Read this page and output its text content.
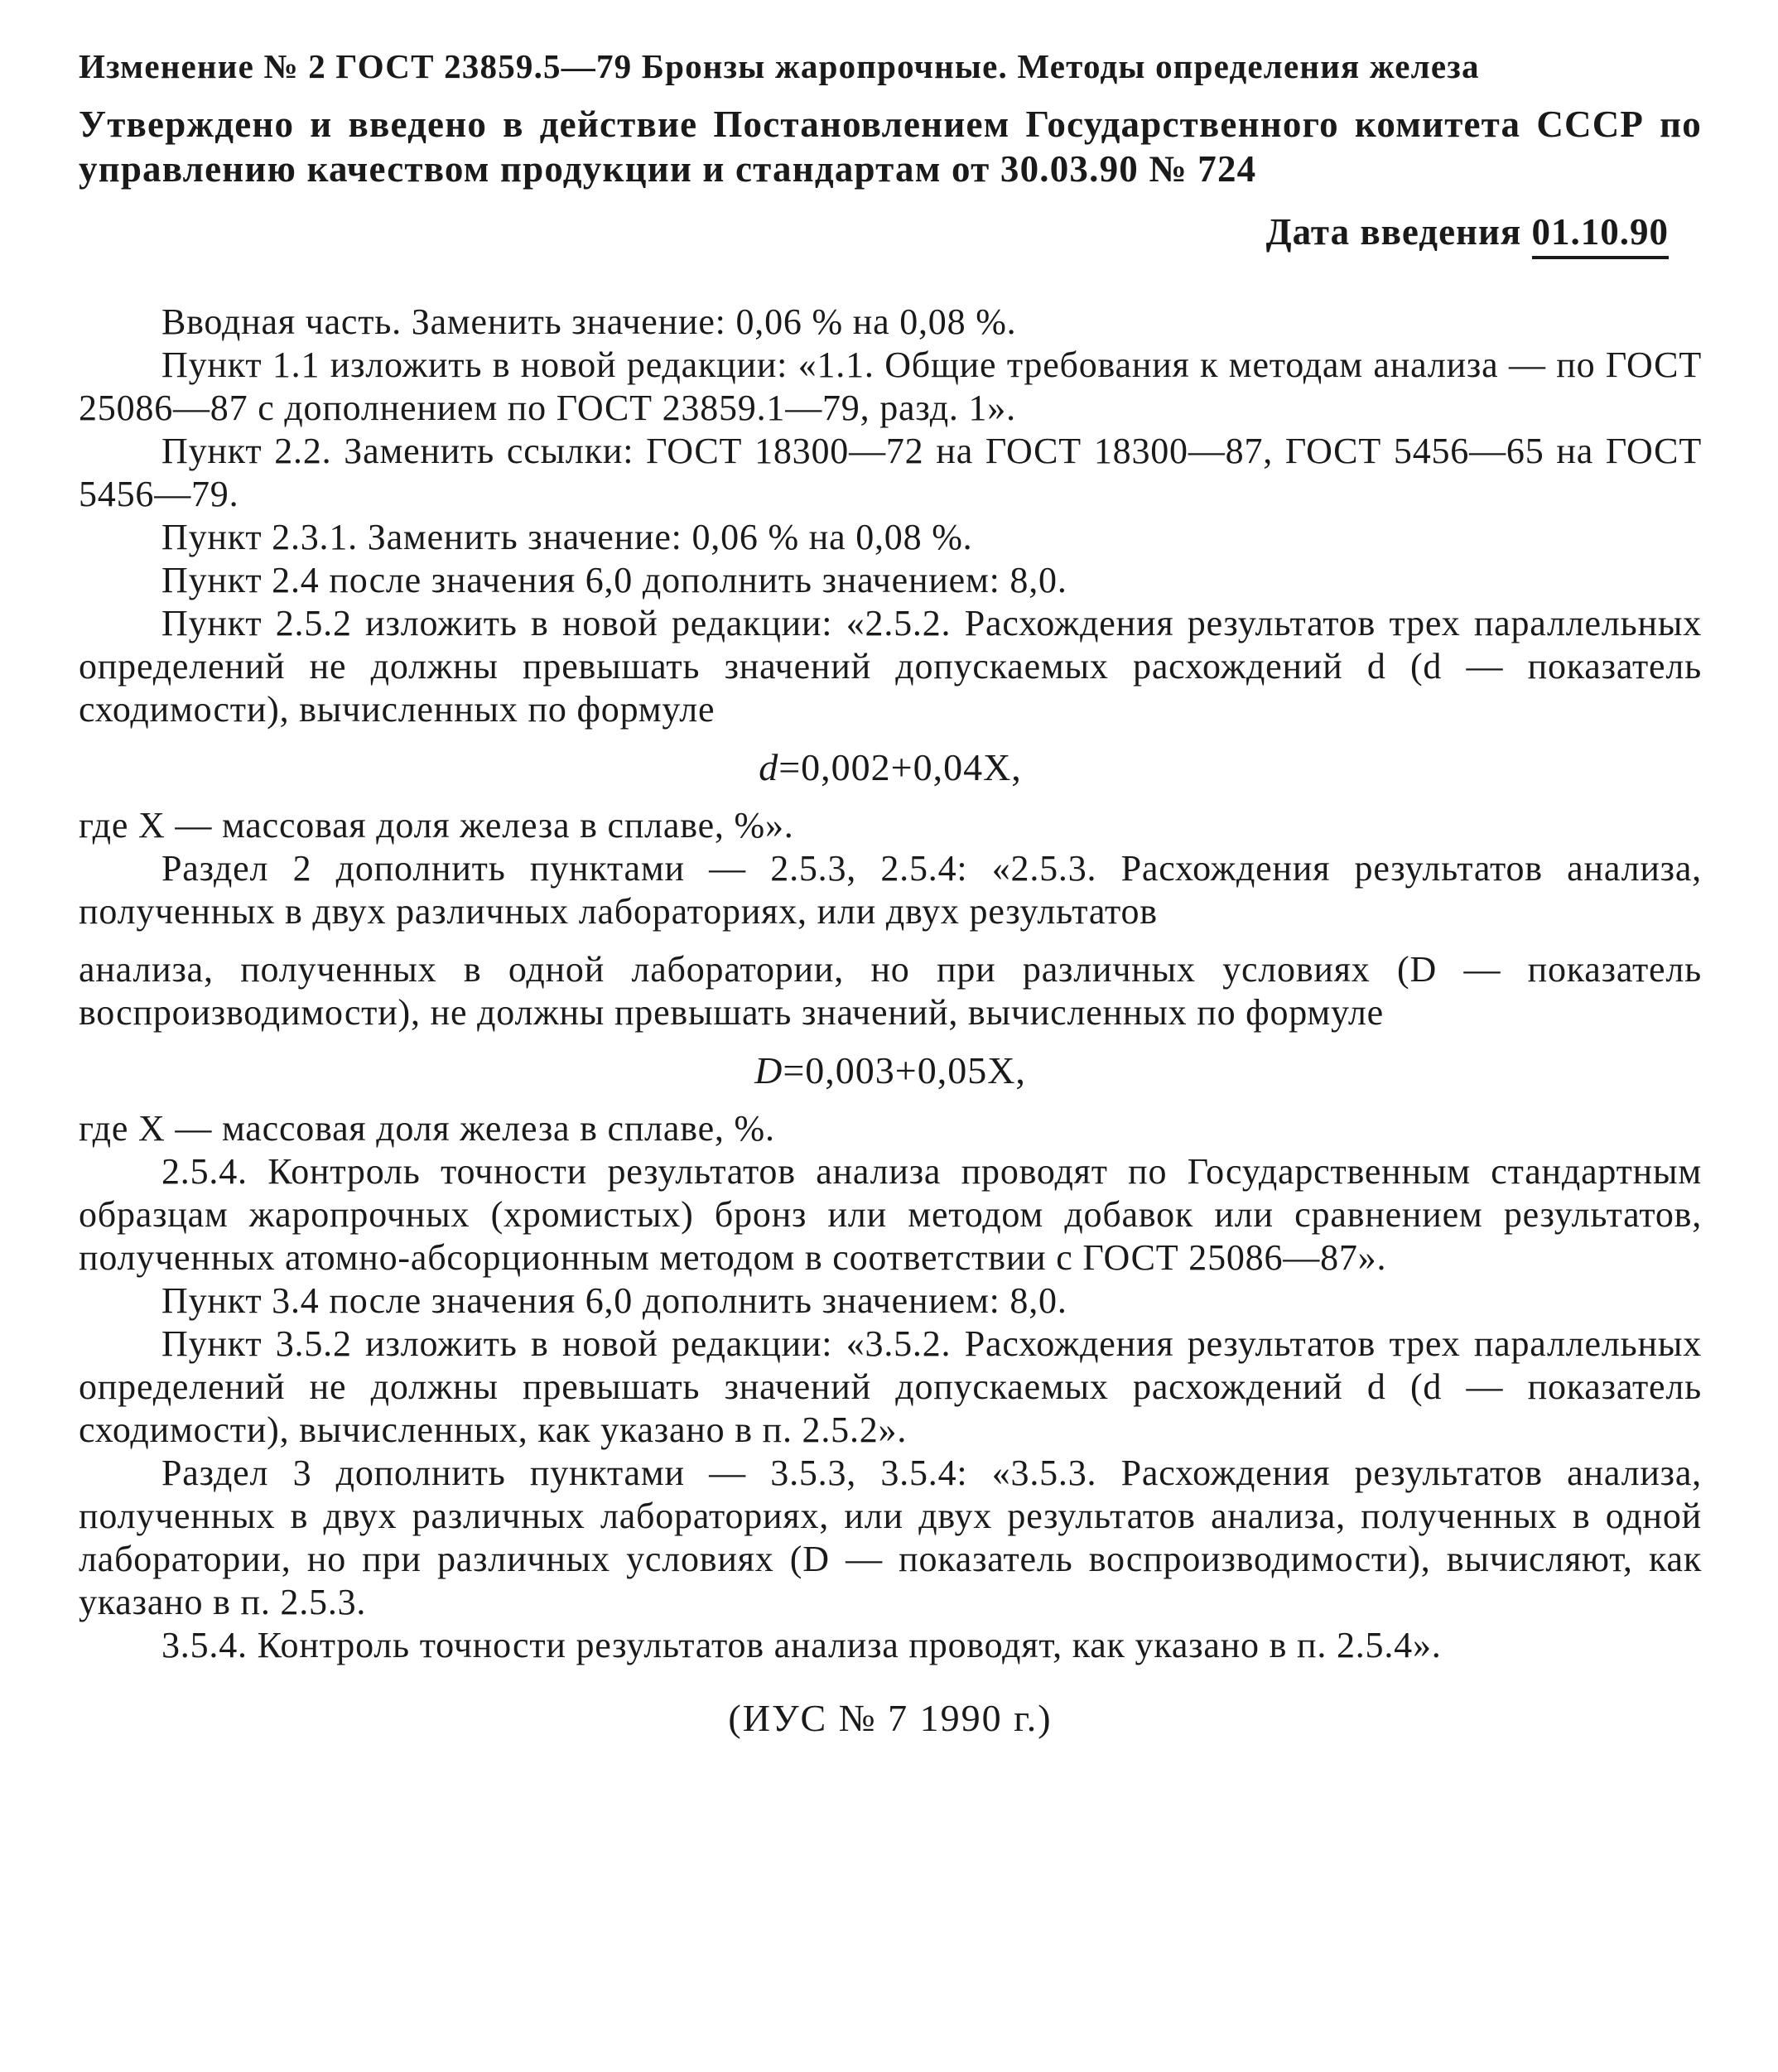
Изменение № 2 ГОСТ 23859.5—79 Бронзы жаропрочные. Методы определения железа
Утверждено и введено в действие Постановлением Государственного комитета СССР по управлению качеством продукции и стандартам от 30.03.90 № 724
Дата введения 01.10.90

Вводная часть. Заменить значение: 0,06 % на 0,08 %.

Пункт 1.1 изложить в новой редакции: «1.1. Общие требования к методам анализа — по ГОСТ 25086—87 с дополнением по ГОСТ 23859.1—79, разд. 1».

Пункт 2.2. Заменить ссылки: ГОСТ 18300—72 на ГОСТ 18300—87, ГОСТ 5456—65 на ГОСТ 5456—79.

Пункт 2.3.1. Заменить значение: 0,06 % на 0,08 %.

Пункт 2.4 после значения 6,0 дополнить значением: 8,0.

Пункт 2.5.2 изложить в новой редакции: «2.5.2. Расхождения результатов трех параллельных определений не должны превышать значений допускаемых расхождений d (d — показатель сходимости), вычисленных по формуле

d=0,002+0,04X,

где X — массовая доля железа в сплаве, %».

Раздел 2 дополнить пунктами — 2.5.3, 2.5.4: «2.5.3. Расхождения результатов анализа, полученных в двух различных лабораториях, или двух результатов

анализа, полученных в одной лаборатории, но при различных условиях (D — показатель воспроизводимости), не должны превышать значений, вычисленных по формуле

D=0,003+0,05X,

где X — массовая доля железа в сплаве, %.

2.5.4. Контроль точности результатов анализа проводят по Государственным стандартным образцам жаропрочных (хромистых) бронз или методом добавок или сравнением результатов, полученных атомно-абсорционным методом в соответствии с ГОСТ 25086—87».

Пункт 3.4 после значения 6,0 дополнить значением: 8,0.

Пункт 3.5.2 изложить в новой редакции: «3.5.2. Расхождения результатов трех параллельных определений не должны превышать значений допускаемых расхождений d (d — показатель сходимости), вычисленных, как указано в п. 2.5.2».

Раздел 3 дополнить пунктами — 3.5.3, 3.5.4: «3.5.3. Расхождения результатов анализа, полученных в двух различных лабораториях, или двух результатов анализа, полученных в одной лаборатории, но при различных условиях (D — показатель воспроизводимости), вычисляют, как указано в п. 2.5.3.

3.5.4. Контроль точности результатов анализа проводят, как указано в п. 2.5.4».

(ИУС № 7 1990 г.)
